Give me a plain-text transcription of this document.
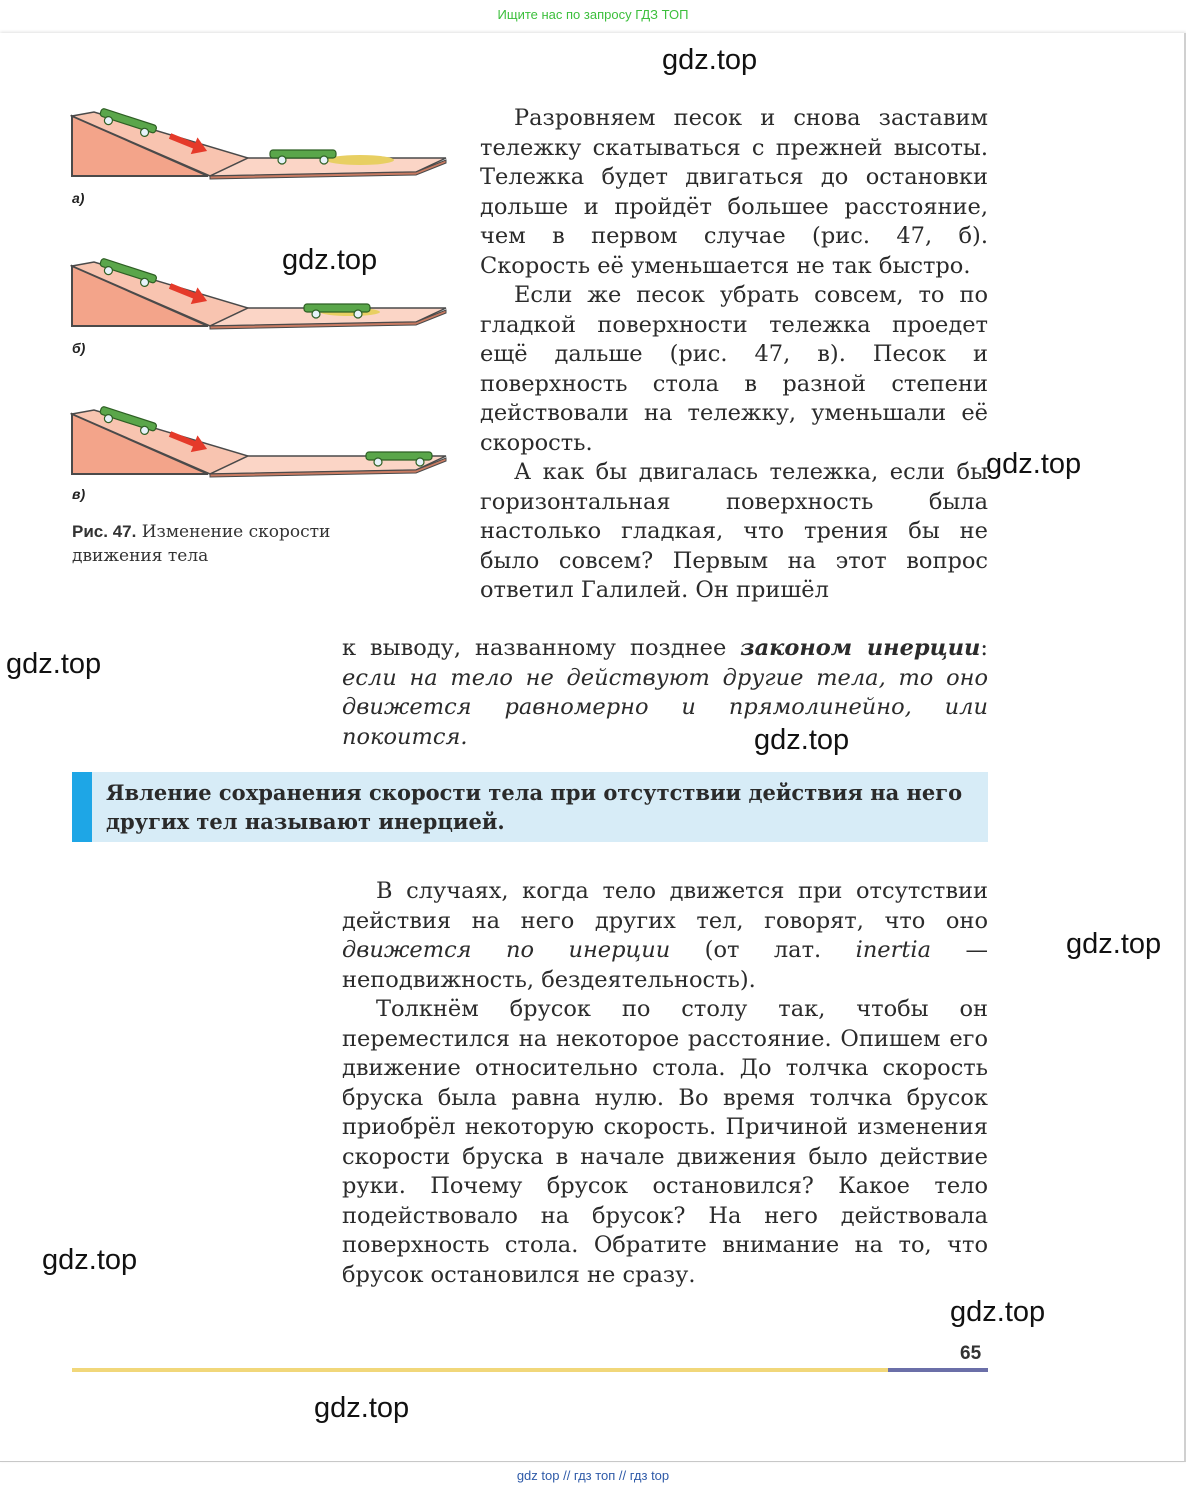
Ищите нас по запросу ГДЗ ТОП
а)
б)
в)
Рис. 47. Изменение скорости движения тела

Разровняем песок и снова заставим тележку скатываться с прежней высоты. Тележка будет двигаться до остановки дольше и пройдёт большее расстояние, чем в первом случае (рис. 47, б). Скорость её уменьшается не так быстро.

Если же песок убрать совсем, то по гладкой поверхности тележка проедет ещё дальше (рис. 47, в). Песок и поверхность стола в разной степени действовали на тележку, уменьшали её скорость.

А как бы двигалась тележка, если бы горизонтальная поверхность была настолько гладкая, что трения бы не было совсем? Первым на этот вопрос ответил Галилей. Он пришёл

к выводу, названному позднее законом инерции: если на тело не действуют другие тела, то оно движется равномерно и прямолинейно, или покоится.

Явление сохранения скорости тела при отсутствии действия на него других тел называют инерцией.

В случаях, когда тело движется при отсутствии действия на него других тел, говорят, что оно движется по инерции (от лат. inertia — неподвижность, бездеятельность).

Толкнём брусок по столу так, чтобы он переместился на некоторое расстояние. Опишем его движение относительно стола. До толчка скорость бруска была равна нулю. Во время толчка брусок приобрёл некоторую скорость. Причиной изменения скорости бруска в начале движения было действие руки. Почему брусок остановился? Какое тело подействовало на брусок? На него действовала поверхность стола. Обратите внимание на то, что брусок остановился не сразу.

65
gdz.top
gdz.top
gdz.top
gdz.top
gdz.top
gdz.top
gdz.top
gdz.top
gdz.top
gdz top // гдз топ // гдз top
